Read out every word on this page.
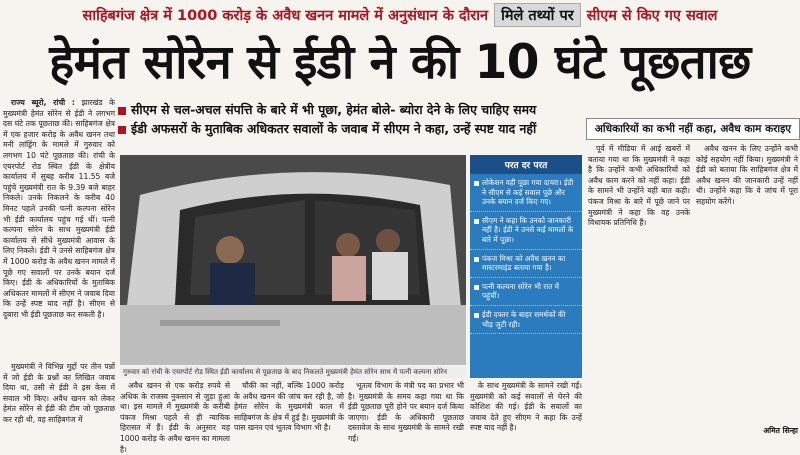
साहिबगंज क्षेत्र में 1000 करोड़ के अवैध खनन मामले में अनुसंधान के दौरान मिले तथ्यों पर सीएम से किए गए सवाल
हेमंत सोरेन से ईडी ने की 10 घंटे पूछताछ
सीएम से चल-अचल संपत्ति के बारे में भी पूछा, हेमंत बोले- ब्योरा देने के लिए चाहिए समय
ईडी अफसरों के मुताबिक अधिकतर सवालों के जवाब में सीएम ने कहा, उन्हें स्पष्ट याद नहीं

राज्य ब्यूरो, रांची : झारखंड के मुख्यमंत्री हेमंत सोरेन से ईडी ने लगभग दस घंटे तक पूछताछ की। साहिबगंज क्षेत्र में एक हजार करोड़ के अवैध खनन तथा मनी लांड्रिंग के मामले में गुरुवार को लगभग 10 घंटे पूछताछ की। रांची के एयरपोर्ट रोड स्थित ईडी के क्षेत्रीय कार्यालय में सुबह करीब 11.55 बजे पहुंचे मुख्यमंत्री रात के 9.39 बजे बाहर निकले। उनके निकलने के करीब 40 मिनट पहले उनकी पत्नी कल्पना सोरेन भी ईडी कार्यालय पहुंच गई थीं। पत्नी कल्पना सोरेन के साथ मुख्यमंत्री ईडी कार्यालय से सीधे मुख्यमंत्री आवास के लिए निकले। ईडी ने उनसे साहिबगंज क्षेत्र में 1000 करोड़ के अवैध खनन मामले में पूछे गए सवालों पर उनके बयान दर्ज किए। ईडी के अधिकारियों के मुताबिक अधिकतर मामलों में सीएम ने जवाब दिया कि उन्हें स्पष्ट याद नहीं है। सीएम से दुबारा भी ईडी पूछताछ कर सकती है।

मुख्यमंत्री ने विभिन्न मुद्दों पर तीन पन्नों में जो ईडी के प्रश्नों का लिखित जवाब दिया था, उसी से ईडी ने इस केस में सवाल भी किए। अवैध खनन को लेकर हेमंत सोरेन से ईडी की टीम जो पूछताछ कर रही थी, वह साहिबगंज में

गुरुवार को रांची के एयरपोर्ट रोड स्थित ईडी कार्यालय से पूछताछ के बाद निकलते मुख्यमंत्री हेमंत सोरेन साथ में पत्नी कल्पना सोरेन
परत दर परत
लोकेशन वही पूछा गया दायरा। ईडी ने सीएम से कई सवाल पूछे और उनके बयान दर्ज किए गए।
सीएम ने कहा कि उनको जानकारी नहीं है। ईडी ने उनसे कई मामलों के बारे में पूछा।
पंकज मिश्रा को अवैध खनन का मास्टरमाइंड बताया गया है।
पत्नी कल्पना सोरेन भी रात में पहुंचीं।
ईडी दफ्तर के बाहर समर्थकों की भीड़ जुटी रही।
अधिकारियों का कभी नहीं कहा, अवैध काम कराइए

पूर्व में मीडिया में आई खबरों में बताया गया था कि मुख्यमंत्री ने कहा है कि उन्होंने कभी अधिकारियों को अवैध काम करने को नहीं कहा। ईडी के सामने भी उन्होंने यही बात कही। पंकज मिश्रा के बारे में पूछे जाने पर मुख्यमंत्री ने कहा कि वह उनके विधायक प्रतिनिधि हैं।

अवैध खनन के लिए उन्होंने कभी कोई सहयोग नहीं किया। मुख्यमंत्री ने ईडी को बताया कि साहिबगंज क्षेत्र में अवैध खनन की जानकारी उन्हें नहीं थी। उन्होंने कहा कि वे जांच में पूरा सहयोग करेंगे।

अमित सिन्हा

अवैध खनन से एक करोड़ रुपये से अधिक के राजस्व नुकसान से जुड़ा हुआ था। इस मामले में मुख्यमंत्री के करीबी पंकज मिश्रा पहले से ही न्यायिक हिरासत में हैं। ईडी के अनुसार यह 1000 करोड़ के अवैध खनन का मामला है।

चौकी का नहीं, बल्कि 1000 करोड़ के अवैध खनन की जांच कर रही है, जो हेमंत सोरेन के मुख्यमंत्री काल में साहिबगंज के क्षेत्र में हुई है। मुख्यमंत्री के पास खनन एवं भूतत्व विभाग भी है।

भूतत्व विभाग के मंत्री पद का प्रभार भी है। मुख्यमंत्री के समय कहा गया था कि ईडी पूछताछ पूरी होने पर बयान दर्ज किया जाएगा। ईडी के अधिकारी पूछताछ दस्तावेज के साथ मुख्यमंत्री के सामने रखी गईं।

के साथ मुख्यमंत्री के सामने रखी गईं। मुख्यमंत्री को कई सवालों से घेरने की कोशिश की गई। ईडी के सवालों का जवाब देते हुए सीएम ने कहा कि उन्हें स्पष्ट याद नहीं है।
